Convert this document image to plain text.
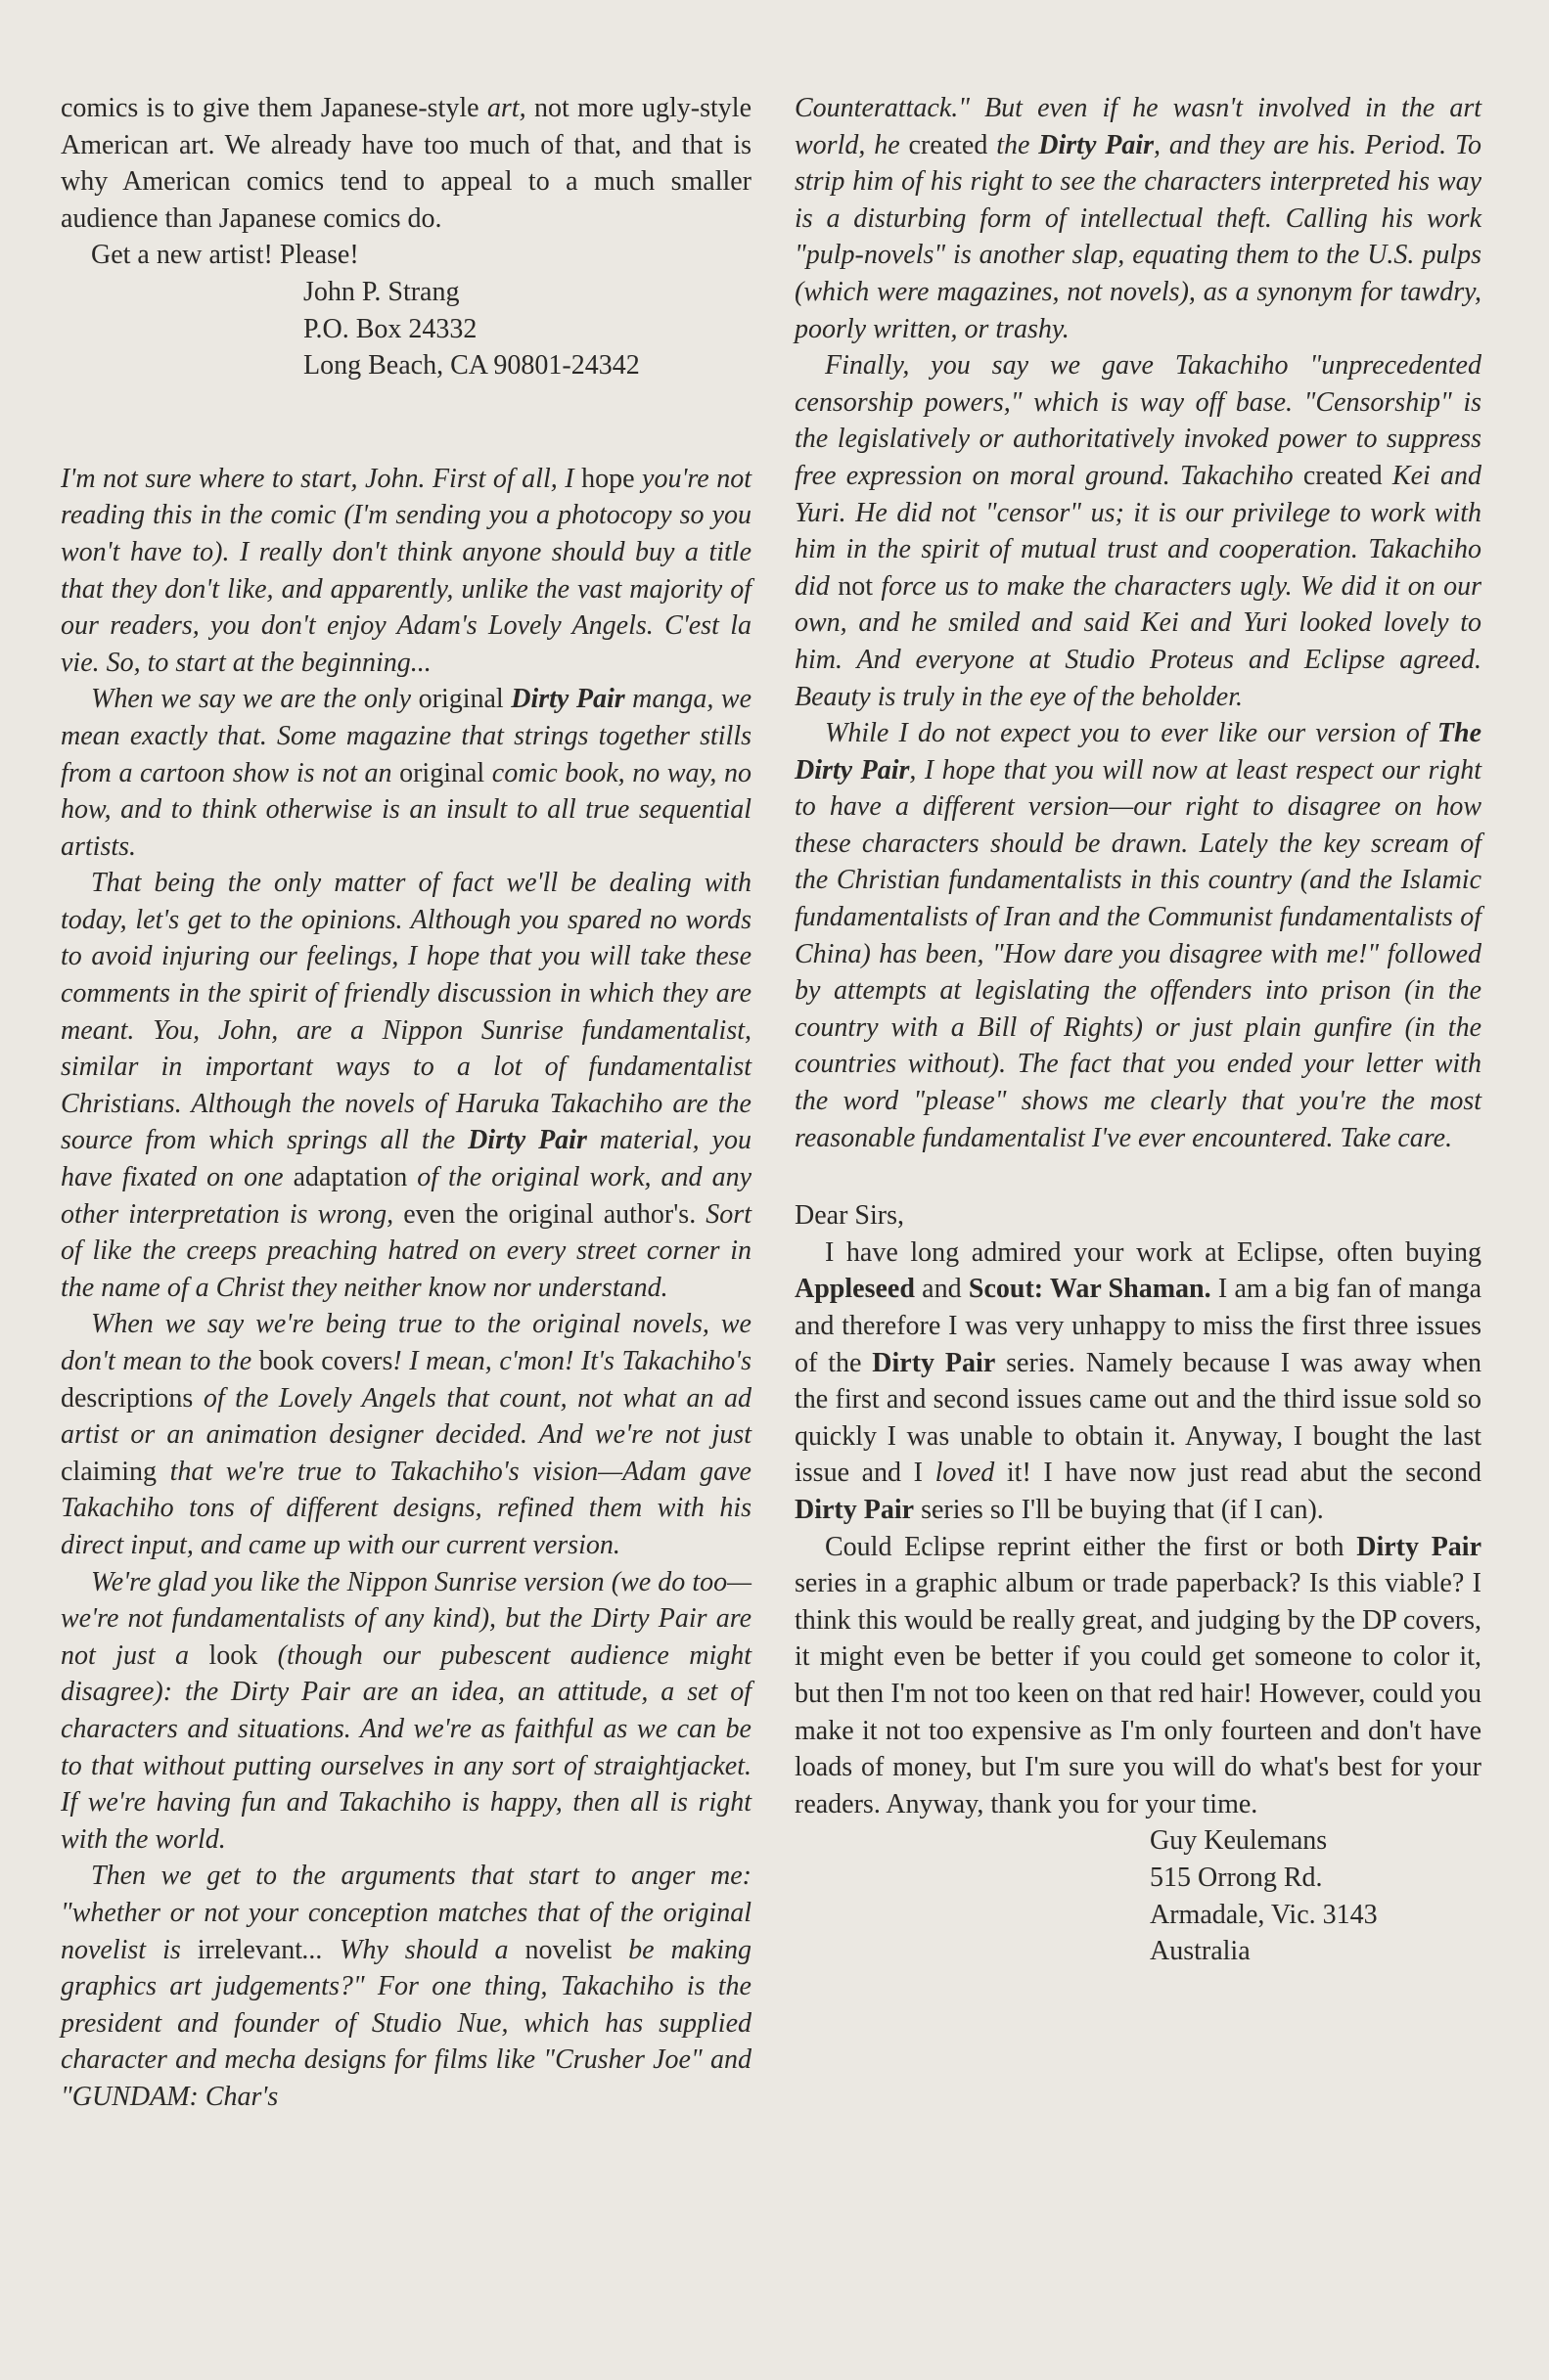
comics is to give them Japanese-style art, not more ugly-style American art. We already have too much of that, and that is why American comics tend to appeal to a much smaller audience than Japanese comics do.

Get a new artist! Please!

John P. Strang
P.O. Box 24332
Long Beach, CA 90801-24342

I'm not sure where to start, John. First of all, I hope you're not reading this in the comic (I'm sending you a photocopy so you won't have to). I really don't think anyone should buy a title that they don't like, and apparently, unlike the vast majority of our readers, you don't enjoy Adam's Lovely Angels. C'est la vie. So, to start at the beginning...

When we say we are the only original Dirty Pair manga, we mean exactly that. Some magazine that strings together stills from a cartoon show is not an original comic book, no way, no how, and to think otherwise is an insult to all true sequential artists.

That being the only matter of fact we'll be dealing with today, let's get to the opinions. Although you spared no words to avoid injuring our feelings, I hope that you will take these comments in the spirit of friendly discussion in which they are meant. You, John, are a Nippon Sunrise fundamentalist, similar in important ways to a lot of fundamentalist Christians. Although the novels of Haruka Takachiho are the source from which springs all the Dirty Pair material, you have fixated on one adaptation of the original work, and any other interpretation is wrong, even the original author's. Sort of like the creeps preaching hatred on every street corner in the name of a Christ they neither know nor understand.

When we say we're being true to the original novels, we don't mean to the book covers! I mean, c'mon! It's Takachiho's descriptions of the Lovely Angels that count, not what an ad artist or an animation designer decided. And we're not just claiming that we're true to Takachiho's vision—Adam gave Takachiho tons of different designs, refined them with his direct input, and came up with our current version.

We're glad you like the Nippon Sunrise version (we do too—we're not fundamentalists of any kind), but the Dirty Pair are not just a look (though our pubescent audience might disagree): the Dirty Pair are an idea, an attitude, a set of characters and situations. And we're as faithful as we can be to that without putting ourselves in any sort of straightjacket. If we're having fun and Takachiho is happy, then all is right with the world.

Then we get to the arguments that start to anger me: "whether or not your conception matches that of the original novelist is irrelevant... Why should a novelist be making graphics art judgements?" For one thing, Takachiho is the president and founder of Studio Nue, which has supplied character and mecha designs for films like "Crusher Joe" and "GUNDAM: Char's

Counterattack." But even if he wasn't involved in the art world, he created the Dirty Pair, and they are his. Period. To strip him of his right to see the characters interpreted his way is a disturbing form of intellectual theft. Calling his work "pulp-novels" is another slap, equating them to the U.S. pulps (which were magazines, not novels), as a synonym for tawdry, poorly written, or trashy.

Finally, you say we gave Takachiho "unprecedented censorship powers," which is way off base. "Censorship" is the legislatively or authoritatively invoked power to suppress free expression on moral ground. Takachiho created Kei and Yuri. He did not "censor" us; it is our privilege to work with him in the spirit of mutual trust and cooperation. Takachiho did not force us to make the characters ugly. We did it on our own, and he smiled and said Kei and Yuri looked lovely to him. And everyone at Studio Proteus and Eclipse agreed. Beauty is truly in the eye of the beholder.

While I do not expect you to ever like our version of The Dirty Pair, I hope that you will now at least respect our right to have a different version—our right to disagree on how these characters should be drawn. Lately the key scream of the Christian fundamentalists in this country (and the Islamic fundamentalists of Iran and the Communist fundamentalists of China) has been, "How dare you disagree with me!" followed by attempts at legislating the offenders into prison (in the country with a Bill of Rights) or just plain gunfire (in the countries without). The fact that you ended your letter with the word "please" shows me clearly that you're the most reasonable fundamentalist I've ever encountered. Take care.

Dear Sirs,

I have long admired your work at Eclipse, often buying Appleseed and Scout: War Shaman. I am a big fan of manga and therefore I was very unhappy to miss the first three issues of the Dirty Pair series. Namely because I was away when the first and second issues came out and the third issue sold so quickly I was unable to obtain it. Anyway, I bought the last issue and I loved it! I have now just read abut the second Dirty Pair series so I'll be buying that (if I can).

Could Eclipse reprint either the first or both Dirty Pair series in a graphic album or trade paperback? Is this viable? I think this would be really great, and judging by the DP covers, it might even be better if you could get someone to color it, but then I'm not too keen on that red hair! However, could you make it not too expensive as I'm only fourteen and don't have loads of money, but I'm sure you will do what's best for your readers. Anyway, thank you for your time.

Guy Keulemans
515 Orrong Rd.
Armadale, Vic. 3143
Australia
